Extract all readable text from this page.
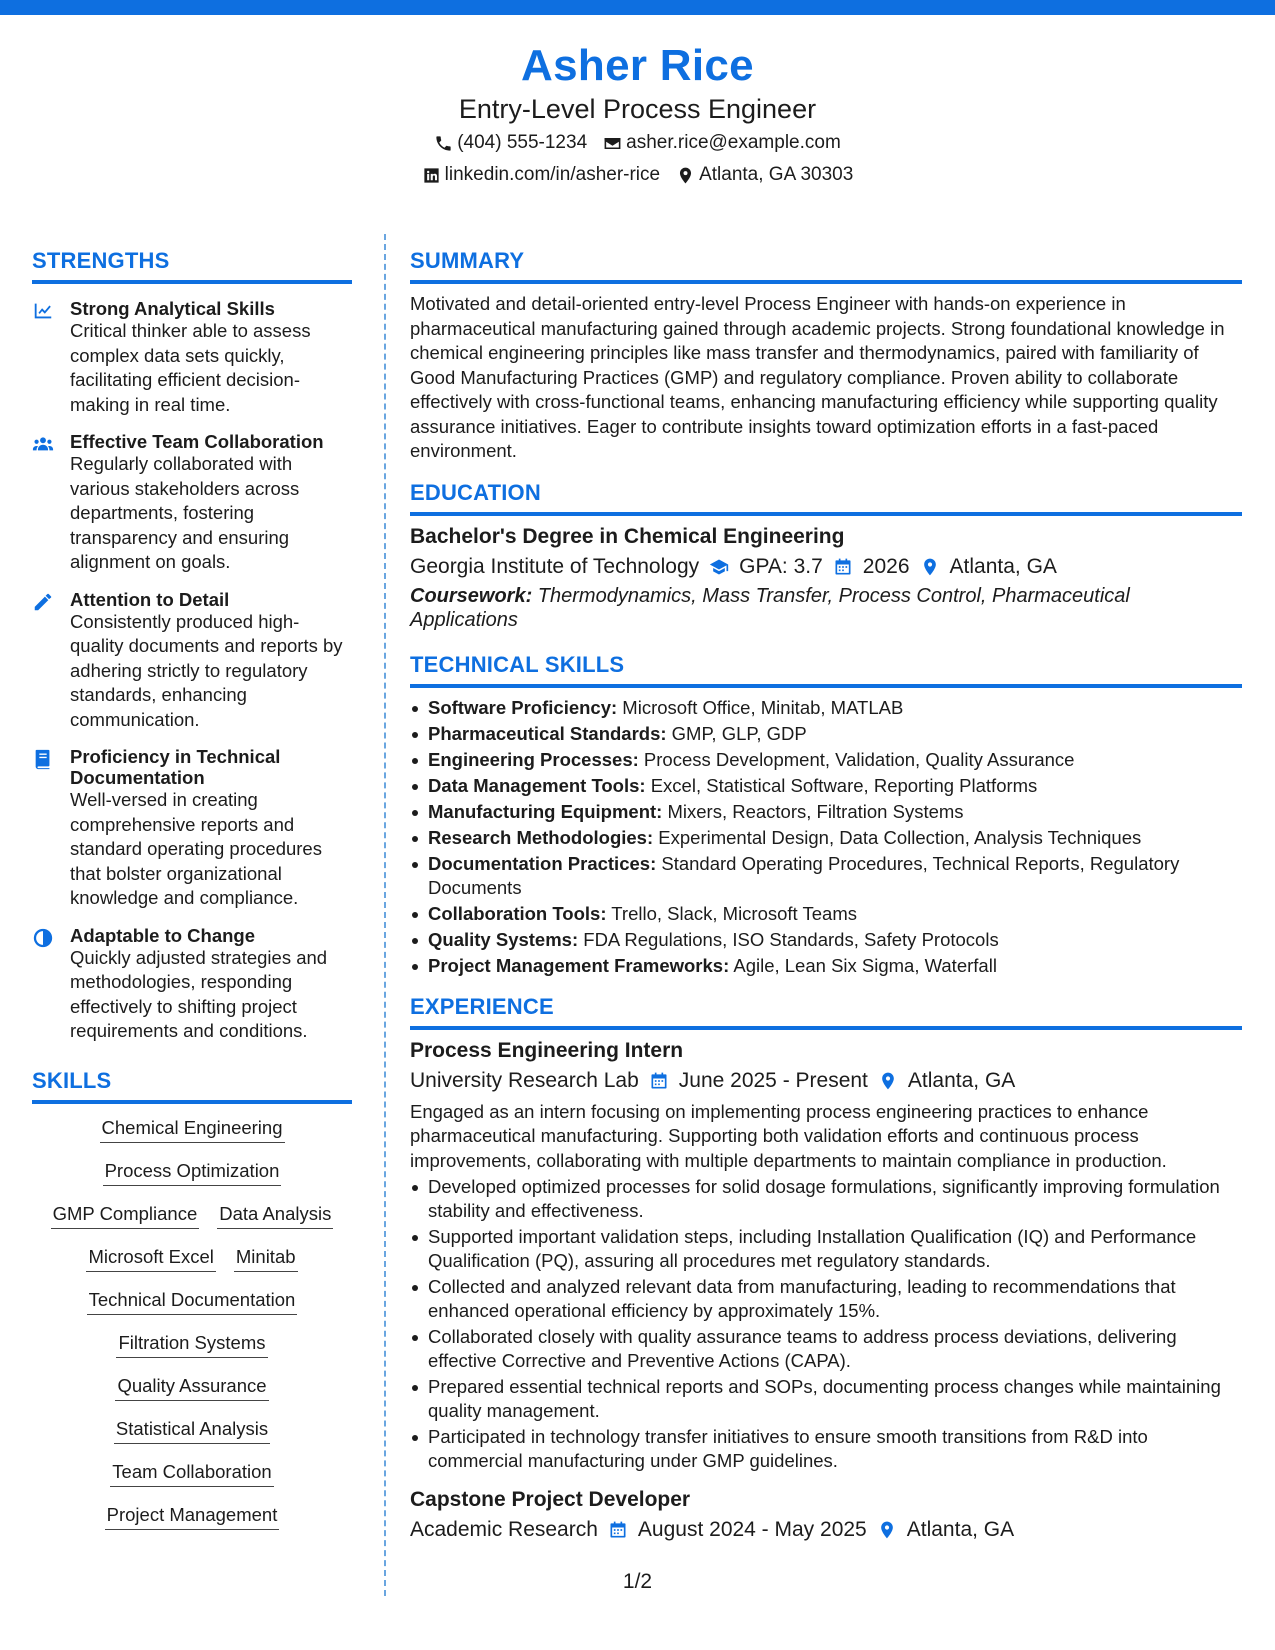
Asher Rice
Entry-Level Process Engineer
(404) 555-1234 asher.rice@example.com
linkedin.com/in/asher-rice Atlanta, GA 30303
STRENGTHS
Strong Analytical Skills
Critical thinker able to assess complex data sets quickly, facilitating efficient decision-making in real time.
Effective Team Collaboration
Regularly collaborated with various stakeholders across departments, fostering transparency and ensuring alignment on goals.
Attention to Detail
Consistently produced high-quality documents and reports by adhering strictly to regulatory standards, enhancing communication.
Proficiency in Technical Documentation
Well-versed in creating comprehensive reports and standard operating procedures that bolster organizational knowledge and compliance.
Adaptable to Change
Quickly adjusted strategies and methodologies, responding effectively to shifting project requirements and conditions.
SKILLS
Chemical Engineering
Process Optimization
GMP Compliance Data Analysis
Microsoft Excel Minitab
Technical Documentation
Filtration Systems
Quality Assurance
Statistical Analysis
Team Collaboration
Project Management
SUMMARY
Motivated and detail-oriented entry-level Process Engineer with hands-on experience in pharmaceutical manufacturing gained through academic projects. Strong foundational knowledge in chemical engineering principles like mass transfer and thermodynamics, paired with familiarity of Good Manufacturing Practices (GMP) and regulatory compliance. Proven ability to collaborate effectively with cross-functional teams, enhancing manufacturing efficiency while supporting quality assurance initiatives. Eager to contribute insights toward optimization efforts in a fast-paced environment.
EDUCATION
Bachelor's Degree in Chemical Engineering
Georgia Institute of Technology GPA: 3.7 2026 Atlanta, GA
Coursework: Thermodynamics, Mass Transfer, Process Control, Pharmaceutical Applications
TECHNICAL SKILLS
Software Proficiency: Microsoft Office, Minitab, MATLAB
Pharmaceutical Standards: GMP, GLP, GDP
Engineering Processes: Process Development, Validation, Quality Assurance
Data Management Tools: Excel, Statistical Software, Reporting Platforms
Manufacturing Equipment: Mixers, Reactors, Filtration Systems
Research Methodologies: Experimental Design, Data Collection, Analysis Techniques
Documentation Practices: Standard Operating Procedures, Technical Reports, Regulatory Documents
Collaboration Tools: Trello, Slack, Microsoft Teams
Quality Systems: FDA Regulations, ISO Standards, Safety Protocols
Project Management Frameworks: Agile, Lean Six Sigma, Waterfall
EXPERIENCE
Process Engineering Intern
University Research Lab June 2025 - Present Atlanta, GA
Engaged as an intern focusing on implementing process engineering practices to enhance pharmaceutical manufacturing. Supporting both validation efforts and continuous process improvements, collaborating with multiple departments to maintain compliance in production.
Developed optimized processes for solid dosage formulations, significantly improving formulation stability and effectiveness.
Supported important validation steps, including Installation Qualification (IQ) and Performance Qualification (PQ), assuring all procedures met regulatory standards.
Collected and analyzed relevant data from manufacturing, leading to recommendations that enhanced operational efficiency by approximately 15%.
Collaborated closely with quality assurance teams to address process deviations, delivering effective Corrective and Preventive Actions (CAPA).
Prepared essential technical reports and SOPs, documenting process changes while maintaining quality management.
Participated in technology transfer initiatives to ensure smooth transitions from R&D into commercial manufacturing under GMP guidelines.
Capstone Project Developer
Academic Research August 2024 - May 2025 Atlanta, GA
1/2
